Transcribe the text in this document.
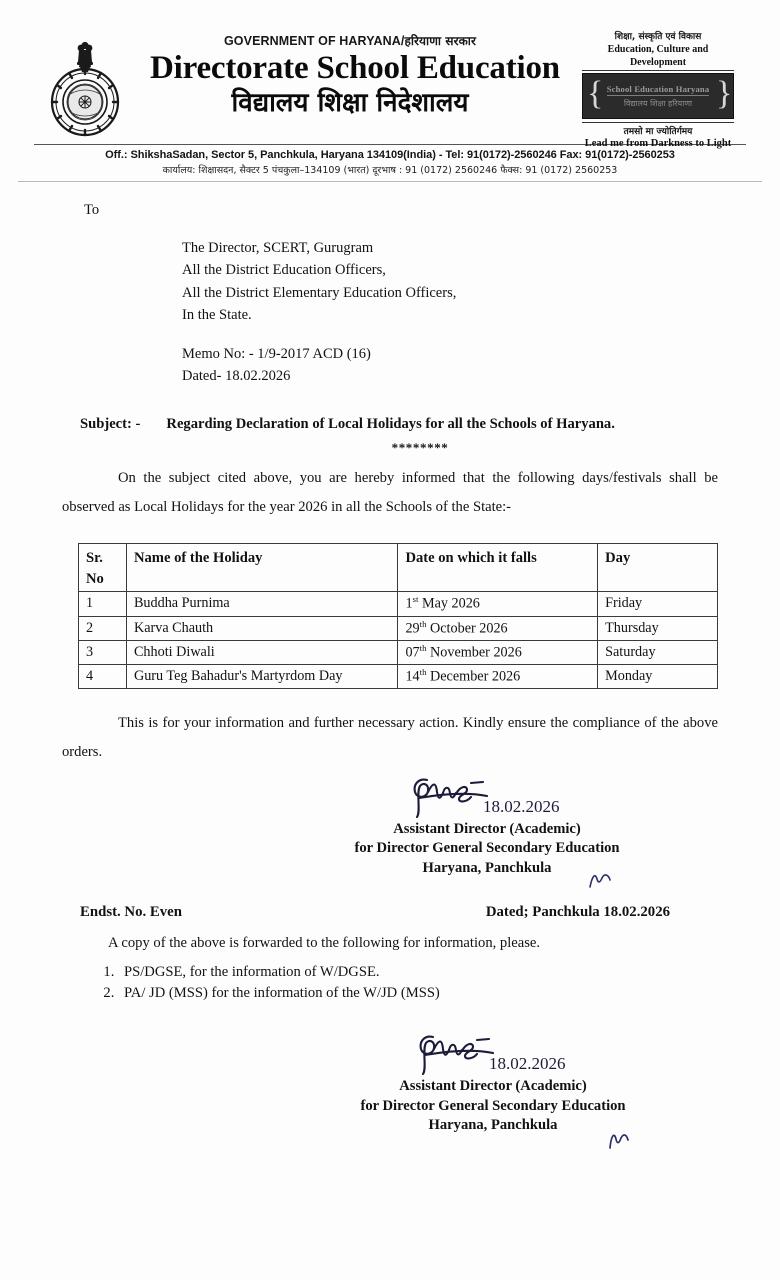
GOVERNMENT OF HARYANA/हरियाणा सरकार
Directorate School Education
विद्यालय शिक्षा निदेशालय
शिक्षा, संस्कृति एवं विकास
Education, Culture and Development
{	}
School Education Haryana
विद्यालय शिक्षा हरियाणा
तमसो मा ज्योतिर्गमय
Lead me from Darkness to Light
Off.: ShikshaSadan, Sector 5, Panchkula, Haryana 134109(India) - Tel: 91(0172)-2560246 Fax: 91(0172)-2560253
कार्यालय: शिक्षासदन, सैक्टर 5 पंचकुला–134109 (भारत) दूरभाष : 91 (0172) 2560246 फैक्स: 91 (0172) 2560253
To
The Director, SCERT, Gurugram
All the District Education Officers,
All the District Elementary Education Officers,
In the State.
Memo No: - 1/9-2017 ACD (16)
Dated- 18.02.2026
Subject: -	Regarding Declaration of Local Holidays for all the Schools of Haryana.
********
On the subject cited above, you are hereby informed that the following days/festivals shall be observed as Local Holidays for the year 2026 in all the Schools of the State:-
Sr.
No	Name of the Holiday	Date on which it falls	Day
1	Buddha Purnima	1st May 2026	Friday
2	Karva Chauth	29th October 2026	Thursday
3	Chhoti Diwali	07th November 2026	Saturday
4	Guru Teg Bahadur's Martyrdom Day	14th December 2026	Monday
This is for your information and further necessary action. Kindly ensure the compliance of the above orders.
18.02.2026
Assistant Director (Academic)
for Director General Secondary Education
Haryana, Panchkula
Endst. No. Even	Dated; Panchkula 18.02.2026
A copy of the above is forwarded to the following for information, please.
1. PS/DGSE, for the information of W/DGSE.
2. PA/ JD (MSS) for the information of the W/JD (MSS)
18.02.2026
Assistant Director (Academic)
for Director General Secondary Education
Haryana, Panchkula
